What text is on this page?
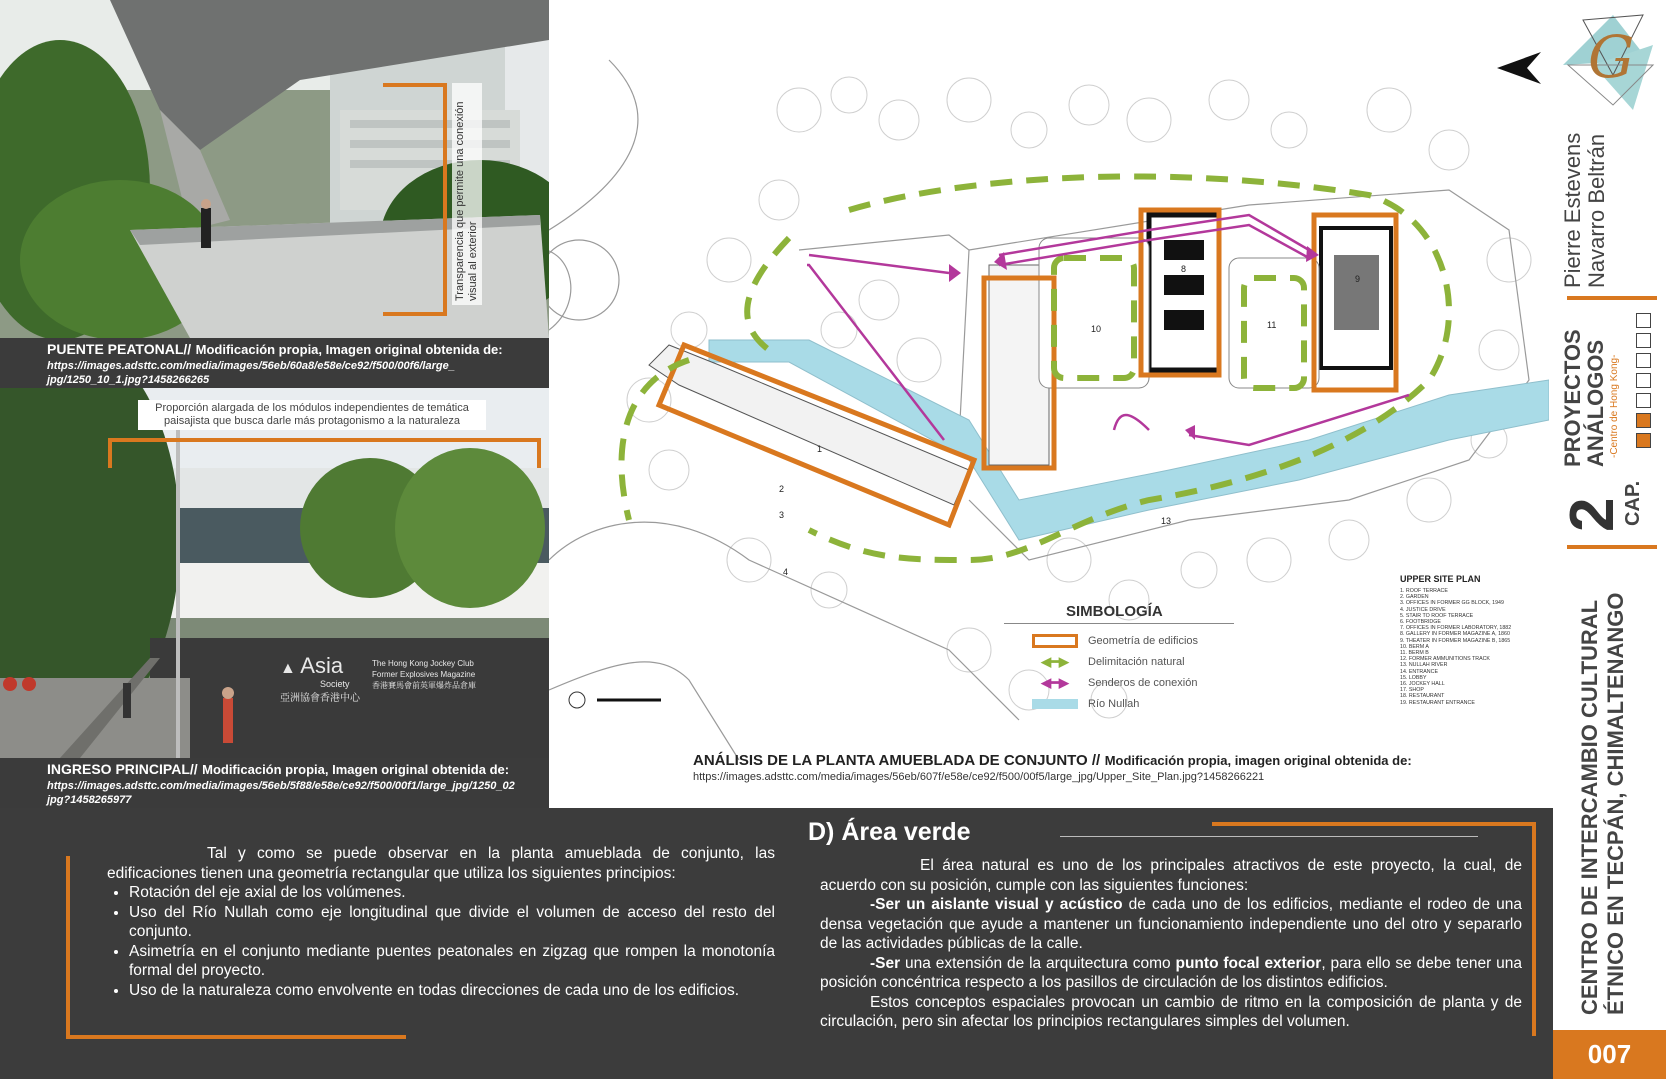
Transparencia que permite una conexión visual al exterior
PUENTE PEATONAL// Modificación propia, Imagen original obtenida de:
https://images.adsttc.com/media/images/56eb/60a8/e58e/ce92/f500/00f6/large_
jpg/1250_10_1.jpg?1458266265
▲ Asia
Society
亞洲協會香港中心
The Hong Kong Jockey Club
Former Explosives Magazine
香港賽馬會前英軍爆炸品倉庫
Proporción alargada de los módulos independientes de temática paisajista que busca darle más protagonismo a la naturaleza
INGRESO PRINCIPAL// Modificación propia, Imagen original obtenida de:
https://images.adsttc.com/media/images/56eb/5f88/e58e/ce92/f500/00f1/large_jpg/1250_02
jpg?1458265977
1
2
3
4
8
9
10	11
13
SIMBOLOGÍA
Geometría de edificios
◀━▶	Delimitación natural
◀━▶	Senderos de conexión
Río Nullah
UPPER SITE PLAN
1. ROOF TERRACE
2. GARDEN
3. OFFICES IN FORMER GG BLOCK, 1949
4. JUSTICE DRIVE
5. STAIR TO ROOF TERRACE
6. FOOTBRIDGE
7. OFFICES IN FORMER LABORATORY, 1882
8. GALLERY IN FORMER MAGAZINE A, 1860
9. THEATER IN FORMER MAGAZINE B, 1865
10. BERM A
11. BERM B
12. FORMER AMMUNITIONS TRACK
13. NULLAH RIVER
14. ENTRANCE
15. LOBBY
16. JOCKEY HALL
17. SHOP
18. RESTAURANT
19. RESTAURANT ENTRANCE
ANÁLISIS DE LA PLANTA AMUEBLADA DE CONJUNTO // Modificación propia, imagen original obtenida de:
https://images.adsttc.com/media/images/56eb/607f/e58e/ce92/f500/00f5/large_jpg/Upper_Site_Plan.jpg?1458266221
Tal y como se puede observar en la planta amueblada de conjunto, las edificaciones tienen una geometría rectangular que utiliza los siguientes principios:
• Rotación del eje axial de los volúmenes.
• Uso del Río Nullah como eje longitudinal que divide el volumen de acceso del resto del conjunto.
• Asimetría en el conjunto mediante puentes peatonales en zigzag que rompen la monotonía formal del proyecto.
• Uso de la naturaleza como envolvente en todas direcciones de cada uno de los edificios.
D) Área verde
El área natural es uno de los principales atractivos de este proyecto, la cual, de acuerdo con su posición, cumple con las siguientes funciones:
-Ser un aislante visual y acústico de cada uno de los edificios, mediante el rodeo de una densa vegetación que ayude a mantener un funcionamiento independiente uno del otro y separarlo de las actividades públicas de la calle.
-Ser una extensión de la arquitectura como punto focal exterior, para ello se debe tener una posición concéntrica respecto a los pasillos de circulación de los distintos edificios.
Estos conceptos espaciales provocan un cambio de ritmo en la composición de planta y de circulación, pero sin afectar los principios rectangulares simples del volumen.
G
Pierre Estevens Navarro Beltrán
PROYECTOS
ANÁLOGOS -Centro de Hong Kong-
2
CAP.
CENTRO DE INTERCAMBIO CULTURAL ÉTNICO EN TECPÁN, CHIMALTENANGO
007
